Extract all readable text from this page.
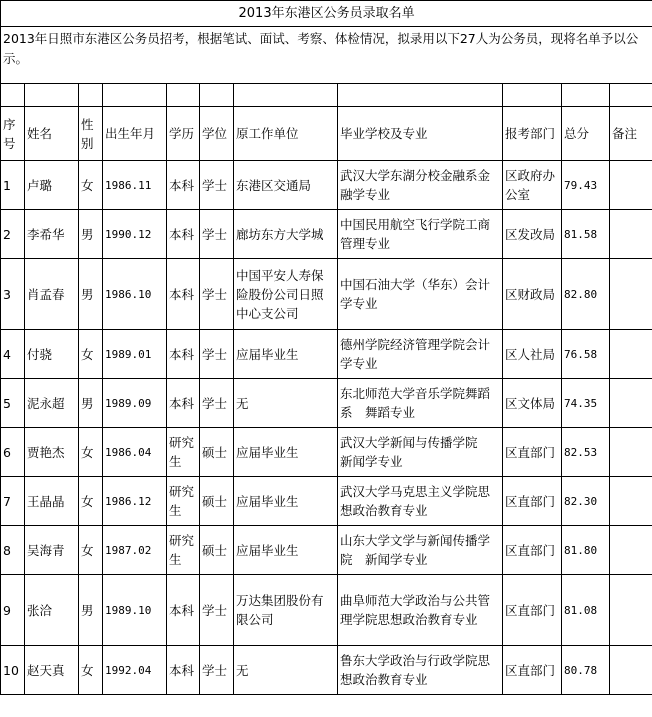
2013年东港区公务员录取名单										
2013年日照市东港区公务员招考，根据笔试、面试、考察、体检情况，拟录用以下27人为公务员，现将名单予以公示。										

序号	姓名	性别	出生年月	学历	学位	原工作单位	毕业学校及专业	报考部门	总分	备注
1	卢璐	女	1986.11	本科	学士	东港区交通局	武汉大学东湖分校金融系金融学专业	区政府办公室	79.43	
2	李希华	男	1990.12	本科	学士	廊坊东方大学城	中国民用航空飞行学院工商管理专业	区发改局	81.58	
3	肖孟春	男	1986.10	本科	学士	中国平安人寿保险股份公司日照中心支公司	中国石油大学（华东）会计学专业	区财政局	82.80	
4	付骁	女	1989.01	本科	学士	应届毕业生	德州学院经济管理学院会计学专业	区人社局	76.58	
5	泥永超	男	1989.09	本科	学士	无	东北师范大学音乐学院舞蹈系　舞蹈专业	区文体局	74.35	
6	贾艳杰	女	1986.04	研究生	硕士	应届毕业生	武汉大学新闻与传播学院　 新闻学专业	区直部门	82.53	
7	王晶晶	女	1986.12	研究生	硕士	应届毕业生	武汉大学马克思主义学院思想政治教育专业	区直部门	82.30	
8	吴海青	女	1987.02	研究生	硕士	应届毕业生	山东大学文学与新闻传播学院　新闻学专业	区直部门	81.80	
9	张洽	男	1989.10	本科	学士	万达集团股份有限公司	曲阜师范大学政治与公共管理学院思想政治教育专业	区直部门	81.08	
10	赵天真	女	1992.04	本科	学士	无	鲁东大学政治与行政学院思想政治教育专业	区直部门	80.78	
